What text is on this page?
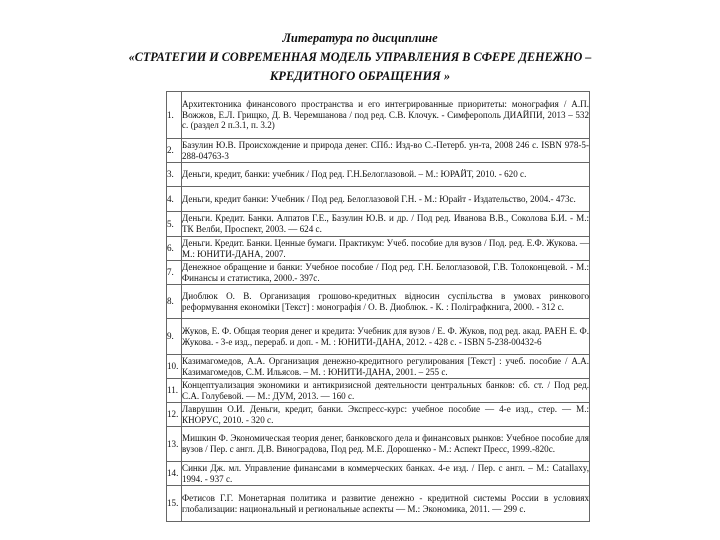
Литература по дисциплине
«СТРАТЕГИИ И СОВРЕМЕННАЯ МОДЕЛЬ УПРАВЛЕНИЯ В СФЕРЕ ДЕНЕЖНО –
КРЕДИТНОГО ОБРАЩЕНИЯ »
1.	Архитектоника финансового пространства и его интегрированные приоритеты: монография / А.П. Вожжов, Е.Л. Грищко, Д. В. Черемшанова / под ред. С.В. Клочук. - Симферополь ДИАЙПИ, 2013 – 532 с. (раздел 2 п.3.1, п. 3.2)
2.	Базулин Ю.В. Происхождение и природа денег. СПб.: Изд-во С.-Петерб. ун-та, 2008 246 с. ISBN 978-5-288-04763-3
3.	Деньги, кредит, банки: учебник / Под ред. Г.Н.Белоглазовой. – М.: ЮРАЙТ, 2010. - 620 с.
4.	Деньги, кредит банки: Учебник / Под ред. Белоглазовой Г.Н. - М.: Юрайт - Издательство, 2004.- 473с.
5.	Деньги. Кредит. Банки. Алпатов Г.Е., Базулин Ю.В. и др. / Под ред. Иванова В.В., Соколова Б.И. - М.: ТК Велби, Проспект, 2003. — 624 с.
6.	Деньги. Кредит. Банки. Ценные бумаги. Практикум: Учеб. пособие для вузов / Под. ред. Е.Ф. Жукова. — М.: ЮНИТИ-ДАНА, 2007.
7.	Денежное обращение и банки: Учебное пособие / Под ред. Г.Н. Белоглазовой, Г.В. Толоконцевой. - М.: Финансы и статистика, 2000.- 397с.
8.	Диоблюк О. В. Организация грошово-кредитных відносин суспільства в умовах ринкового реформування економіки [Текст] : монографія / О. В. Диоблюк. - К. : Поліграфкнига, 2000. - 312 с.
9.	Жуков, Е. Ф. Общая теория денег и кредита: Учебник для вузов / Е. Ф. Жуков, под ред. акад. РАЕН Е. Ф. Жукова. - 3-е изд., перераб. и доп. - М. : ЮНИТИ-ДАНА, 2012. - 428 с. - ISBN 5-238-00432-6
10.	Казимагомедов, А.А. Организация денежно-кредитного регулирования [Текст] : учеб. пособие / А.А. Казимагомедов, С.М. Ильясов. – М. : ЮНИТИ-ДАНА, 2001. – 255 с.
11.	Концептуализация экономики и антикризисной деятельности центральных банков: сб. ст. / Под ред. С.А. Голубевой. — М.: ДУМ, 2013. — 160 с.
12.	Лаврушин О.И. Деньги, кредит, банки. Экспресс-курс: учебное пособие — 4-е изд., стер. — М.: КНОРУС, 2010. - 320 с.
13.	Мишкин Ф. Экономическая теория денег, банковского дела и финансовых рынков: Учебное пособие для вузов / Пер. с англ. Д.В. Виноградова, Под ред. М.Е. Дорошенко - М.: Аспект Пресс, 1999.-820с.
14.	Синки Дж. мл. Управление финансами в коммерческих банках. 4-е изд. / Пер. с англ. – М.: Catallaxy, 1994. - 937 с.
15.	Фетисов Г.Г. Монетарная политика и развитие денежно - кредитной системы России в условиях глобализации: национальный и региональные аспекты — М.: Экономика, 2011. — 299 с.
